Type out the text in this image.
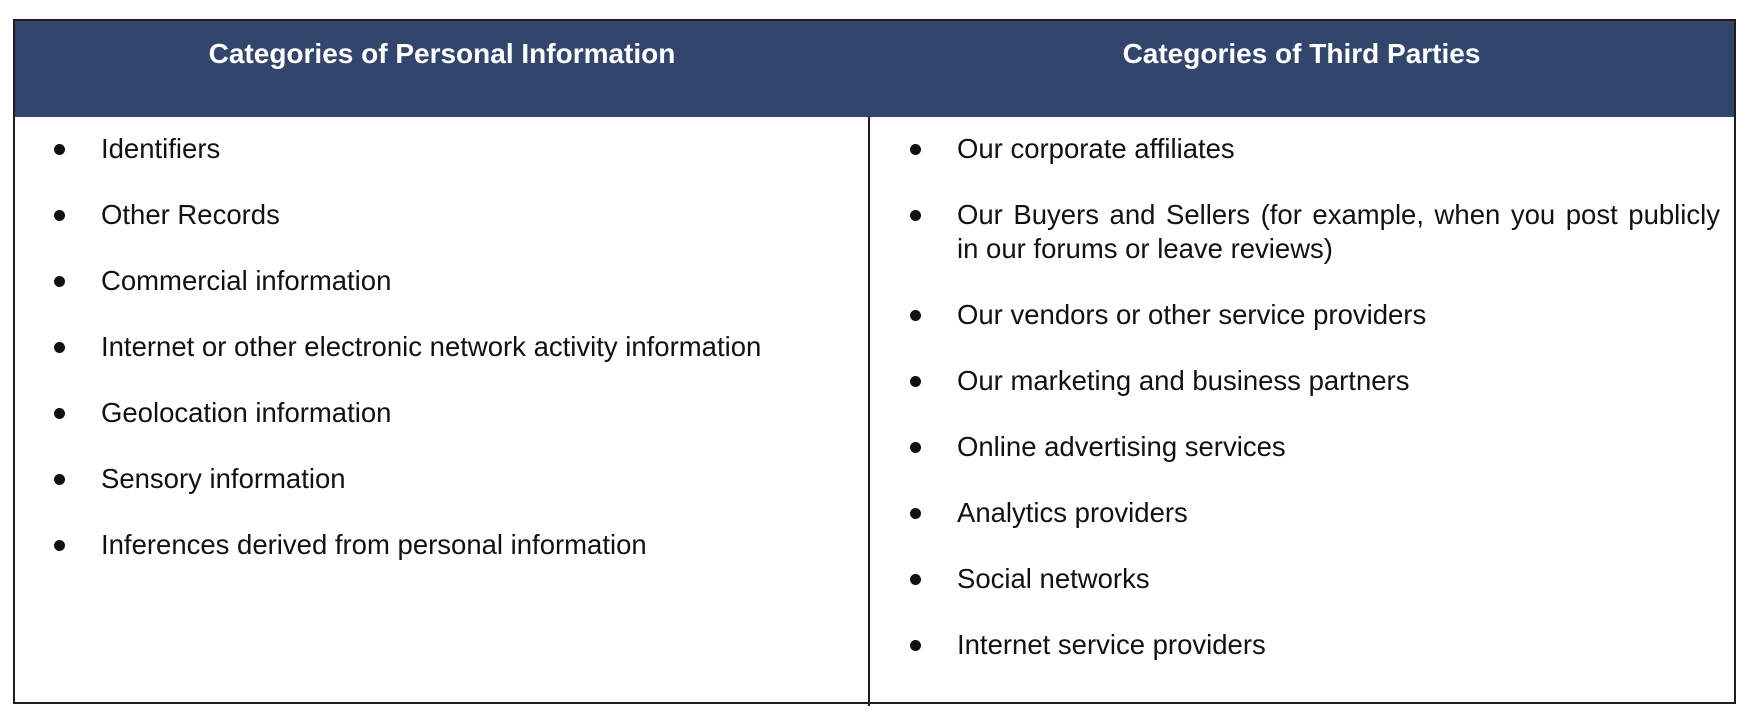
Categories of Personal Information	Categories of Third Parties
Identifiers
Other Records
Commercial information
Internet or other electronic network activity information
Geolocation information
Sensory information
Inferences derived from personal information
Our corporate affiliates
Our Buyers and Sellers (for example, when you post publicly in our forums or leave reviews)
Our vendors or other service providers
Our marketing and business partners
Online advertising services
Analytics providers
Social networks
Internet service providers
